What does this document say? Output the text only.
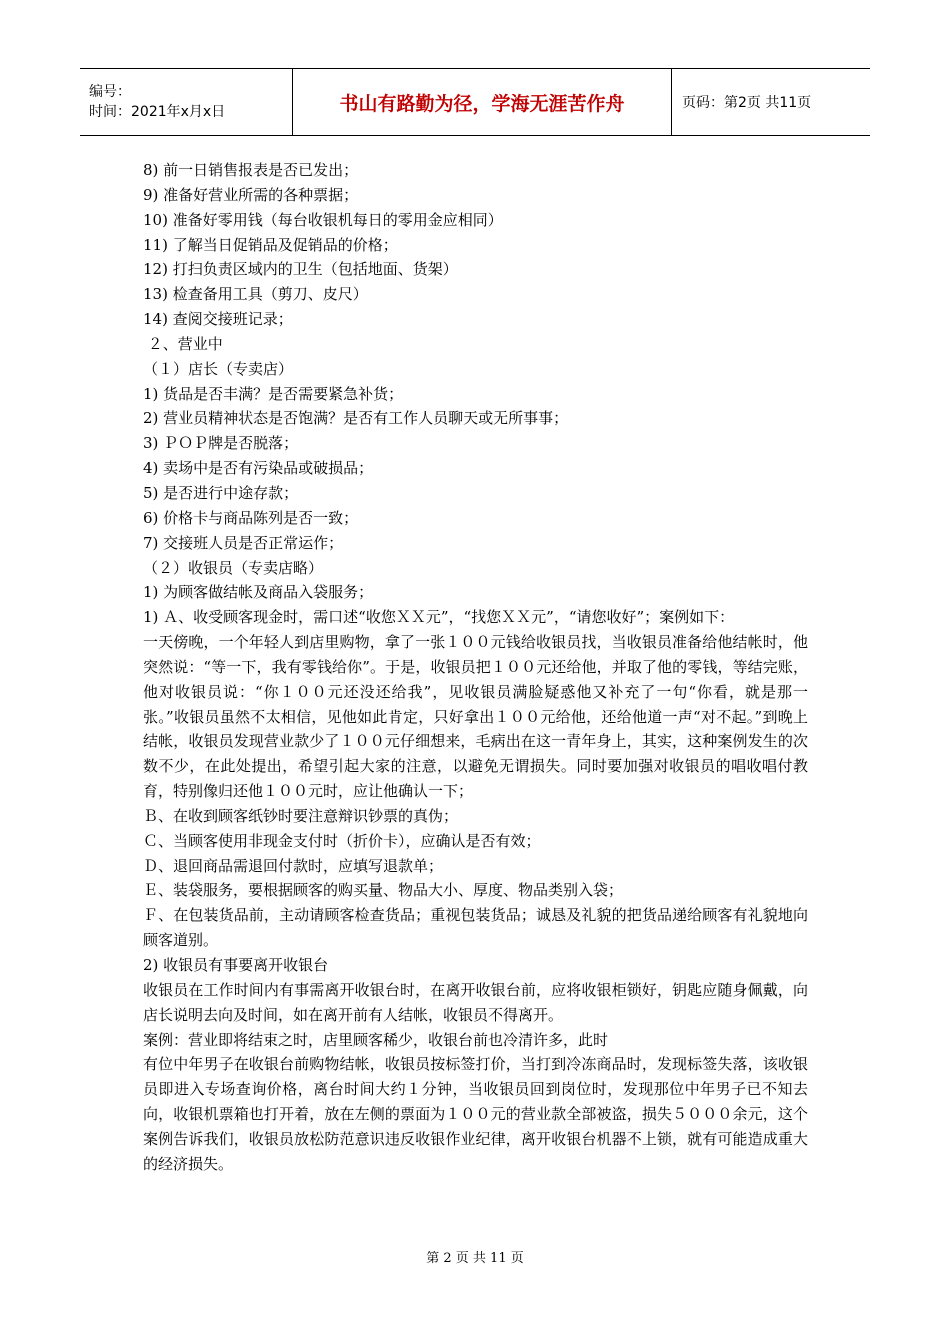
编号：
时间：2021年x月x日	书山有路勤为径，学海无涯苦作舟	页码：第2页 共11页

8) 前一日销售报表是否已发出；

9) 准备好营业所需的各种票据；

10) 准备好零用钱（每台收银机每日的零用金应相同）

11) 了解当日促销品及促销品的价格；

12) 打扫负责区域内的卫生（包括地面、货架）

13) 检查备用工具（剪刀、皮尺）

14) 查阅交接班记录；

２、营业中

（１）店长（专卖店）

1) 货品是否丰满？是否需要紧急补货；

2) 营业员精神状态是否饱满？是否有工作人员聊天或无所事事；

3) ＰＯＰ牌是否脱落；

4) 卖场中是否有污染品或破损品；

5) 是否进行中途存款；

6) 价格卡与商品陈列是否一致；

7) 交接班人员是否正常运作；

（２）收银员（专卖店略）

1) 为顾客做结帐及商品入袋服务；

1) Ａ、收受顾客现金时，需口述“收您ＸＸ元”，“找您ＸＸ元”，“请您收好”；案例如下：

一天傍晚，一个年轻人到店里购物，拿了一张１００元钱给收银员找，当收银员准备给他结帐时，他突然说：“等一下，我有零钱给你”。于是，收银员把１００元还给他，并取了他的零钱，等结完账，他对收银员说：“你１００元还没还给我”，见收银员满脸疑惑他又补充了一句“你看，就是那一张。”收银员虽然不太相信，见他如此肯定，只好拿出１００元给他，还给他道一声“对不起。”到晚上结帐，收银员发现营业款少了１００元仔细想来，毛病出在这一青年身上，其实，这种案例发生的次数不少，在此处提出，希望引起大家的注意，以避免无谓损失。同时要加强对收银员的唱收唱付教育，特别像归还他１００元时，应让他确认一下；

Ｂ、在收到顾客纸钞时要注意辩识钞票的真伪；

Ｃ、当顾客使用非现金支付时（折价卡），应确认是否有效；

Ｄ、退回商品需退回付款时，应填写退款单；

Ｅ、装袋服务，要根据顾客的购买量、物品大小、厚度、物品类别入袋；

Ｆ、在包装货品前，主动请顾客检查货品；重视包装货品；诚恳及礼貌的把货品递给顾客有礼貌地向顾客道别。

2) 收银员有事要离开收银台

收银员在工作时间内有事需离开收银台时，在离开收银台前，应将收银柜锁好，钥匙应随身佩戴，向店长说明去向及时间，如在离开前有人结帐，收银员不得离开。

案例：营业即将结束之时，店里顾客稀少，收银台前也冷清许多，此时

有位中年男子在收银台前购物结帐，收银员按标签打价，当打到冷冻商品时，发现标签失落，该收银员即进入专场查询价格，离台时间大约１分钟，当收银员回到岗位时，发现那位中年男子已不知去向，收银机票箱也打开着，放在左侧的票面为１００元的营业款全部被盗，损失５０００余元，这个案例告诉我们，收银员放松防范意识违反收银作业纪律，离开收银台机器不上锁，就有可能造成重大的经济损失。

第 2 页 共 11 页
